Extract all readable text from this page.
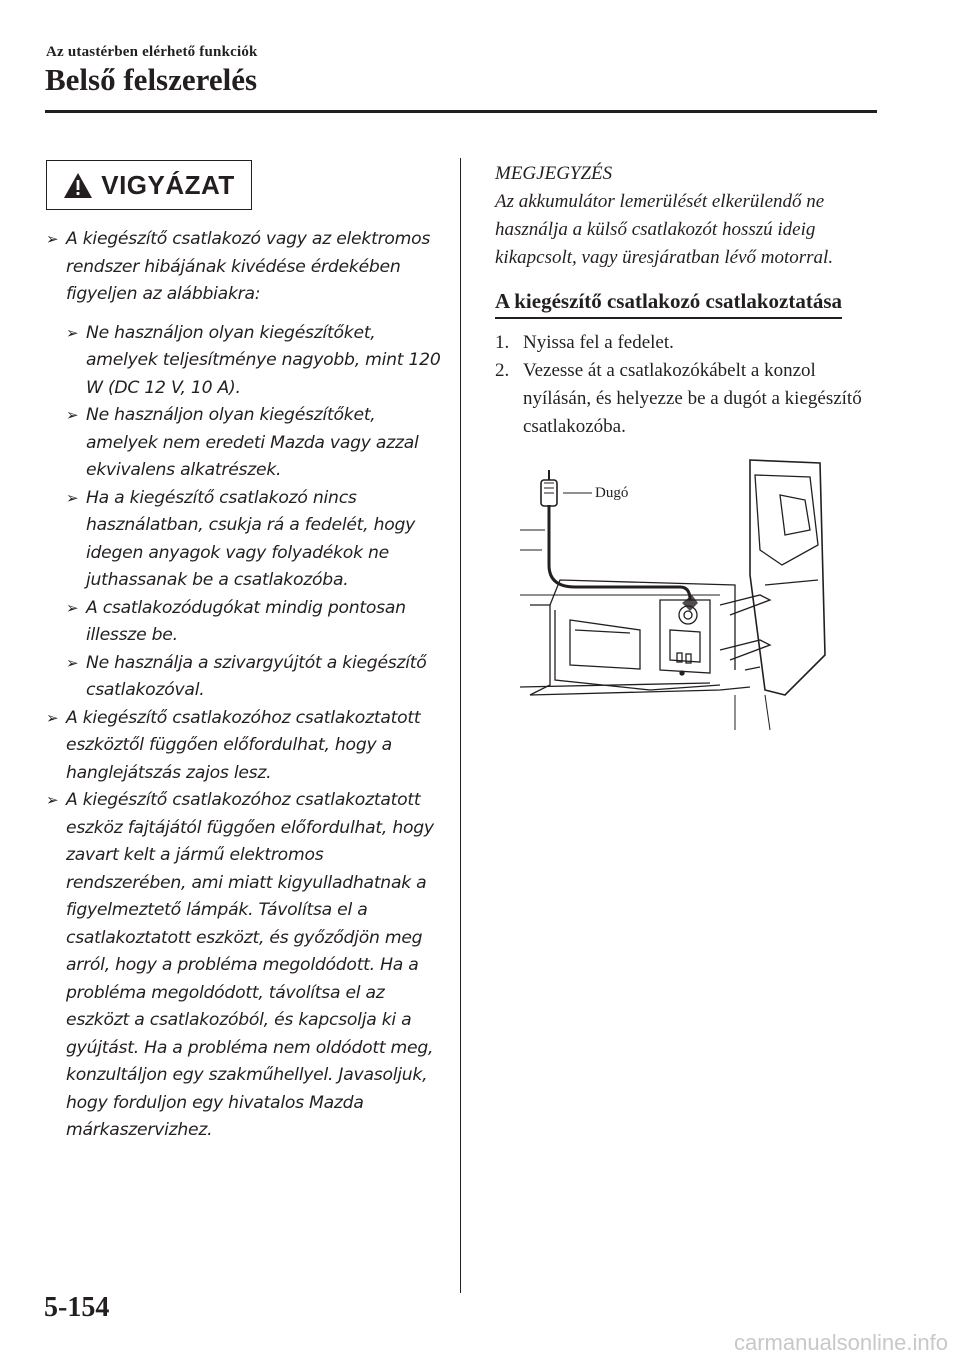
Az utastérben elérhető funkciók
Belső felszerelés
VIGYÁZAT
➢ A kiegészítő csatlakozó vagy az elektromos rendszer hibájának kivédése érdekében figyeljen az alábbiakra:
➢ Ne használjon olyan kiegészítőket, amelyek teljesítménye nagyobb, mint 120 W (DC 12 V, 10 A).
➢ Ne használjon olyan kiegészítőket, amelyek nem eredeti Mazda vagy azzal ekvivalens alkatrészek.
➢ Ha a kiegészítő csatlakozó nincs használatban, csukja rá a fedelét, hogy idegen anyagok vagy folyadékok ne juthassanak be a csatlakozóba.
➢ A csatlakozódugókat mindig pontosan illessze be.
➢ Ne használja a szivargyújtót a kiegészítő csatlakozóval.
➢ A kiegészítő csatlakozóhoz csatlakoztatott eszköztől függően előfordulhat, hogy a hanglejátszás zajos lesz.
➢ A kiegészítő csatlakozóhoz csatlakoztatott eszköz fajtájától függően előfordulhat, hogy zavart kelt a jármű elektromos rendszerében, ami miatt kigyulladhatnak a figyelmeztető lámpák. Távolítsa el a csatlakoztatott eszközt, és győződjön meg arról, hogy a probléma megoldódott. Ha a probléma megoldódott, távolítsa el az eszközt a csatlakozóból, és kapcsolja ki a gyújtást. Ha a probléma nem oldódott meg, konzultáljon egy szakműhellyel. Javasoljuk, hogy forduljon egy hivatalos Mazda márkaszervizhez.
MEGJEGYZÉS
Az akkumulátor lemerülését elkerülendő ne használja a külső csatlakozót hosszú ideig kikapcsolt, vagy üresjáratban lévő motorral.
A kiegészítő csatlakozó csatlakoztatása
1. Nyissa fel a fedelet.
2. Vezesse át a csatlakozókábelt a konzol nyílásán, és helyezze be a dugót a kiegészítő csatlakozóba.
Dugó
5-154
carmanualsonline.info
